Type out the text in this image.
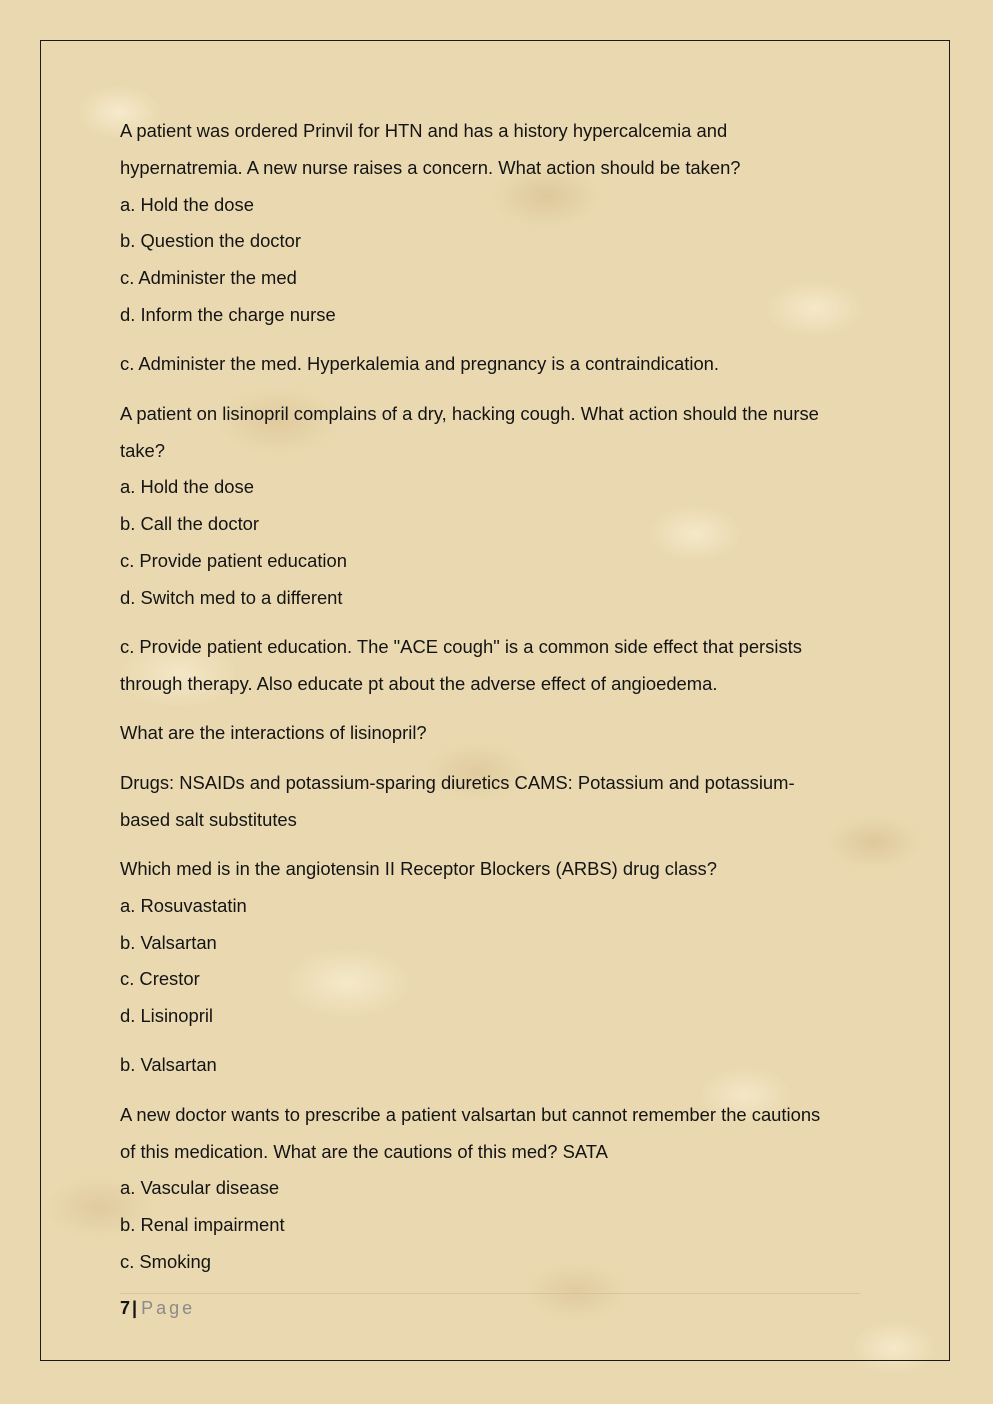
A patient was ordered Prinvil for HTN and has a history hypercalcemia and
hypernatremia. A new nurse raises a concern. What action should be taken?
a. Hold the dose
b. Question the doctor
c. Administer the med
d. Inform the charge nurse
c. Administer the med. Hyperkalemia and pregnancy is a contraindication.
A patient on lisinopril complains of a dry, hacking cough. What action should the nurse
take?
a. Hold the dose
b. Call the doctor
c. Provide patient education
d. Switch med to a different
c. Provide patient education. The "ACE cough" is a common side effect that persists
through therapy. Also educate pt about the adverse effect of angioedema.
What are the interactions of lisinopril?
Drugs: NSAIDs and potassium-sparing diuretics CAMS: Potassium and potassium-
based salt substitutes
Which med is in the angiotensin II Receptor Blockers (ARBS) drug class?
a. Rosuvastatin
b. Valsartan
c. Crestor
d. Lisinopril
b. Valsartan
A new doctor wants to prescribe a patient valsartan but cannot remember the cautions
of this medication. What are the cautions of this med? SATA
a. Vascular disease
b. Renal impairment
c. Smoking
7 | Page
